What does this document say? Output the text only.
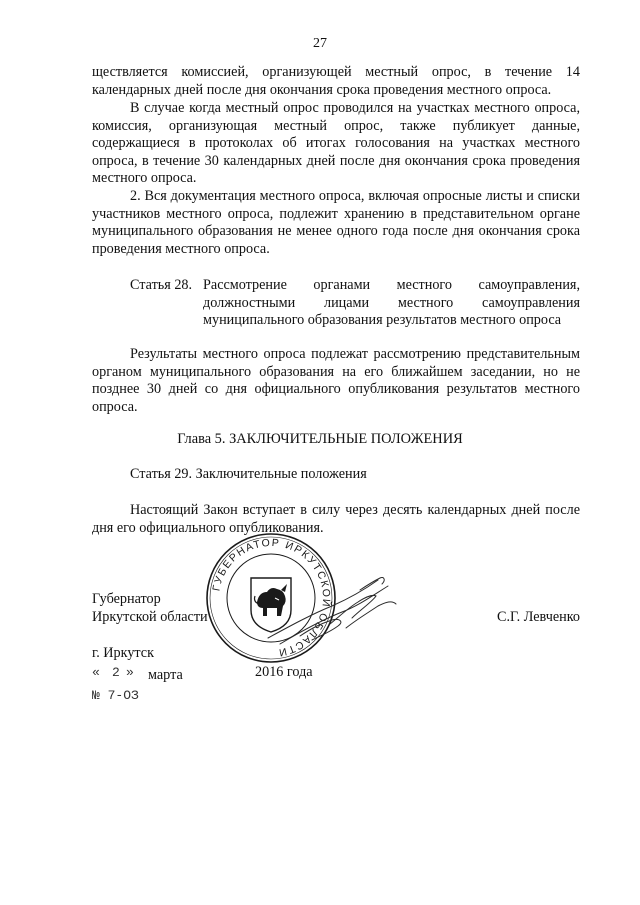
27

ществляется комиссией, организующей местный опрос, в течение 14 календарных дней после дня окончания срока проведения местного опроса.

В случае когда местный опрос проводился на участках местного опроса, комиссия, организующая местный опрос, также публикует данные, содержащиеся в протоколах об итогах голосования на участках местного опроса, в течение 30 календарных дней после дня окончания срока проведения местного опроса.

2. Вся документация местного опроса, включая опросные листы и списки участников местного опроса, подлежит хранению в представительном органе муниципального образования не менее одного года после дня окончания срока проведения местного опроса.

Статья 28. Рассмотрение органами местного самоуправления, должностными лицами местного самоуправления муниципального образования результатов местного опроса

Результаты местного опроса подлежат рассмотрению представительным органом муниципального образования на его ближайшем заседании, но не позднее 30 дней со дня официального опубликования результатов местного опроса.

Глава 5. ЗАКЛЮЧИТЕЛЬНЫЕ ПОЛОЖЕНИЯ
Статья 29. Заключительные положения

Настоящий Закон вступает в силу через десять календарных дней после дня его официального опубликования.

Губернатор
Иркутской области	С.Г. Левченко
г. Иркутск
« 2 » марта	2016 года
№ 7-ОЗ
ГУБЕРНАТОР ИРКУТСКОЙ ОБЛАСТИ
